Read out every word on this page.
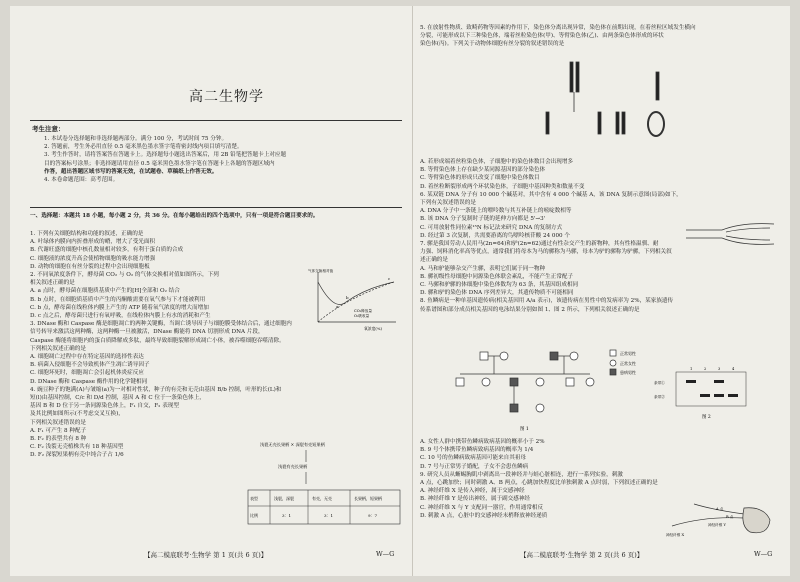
高二生物学
考生注意：
1. 本试卷分选择题和非选择题两部分。满分 100 分，考试时间 75 分钟。
2. 答题前，考生务必用直径 0.5 毫米黑色墨水签字笔将密封线内项目填写清楚。
3. 考生作答时，请将答案答在答题卡上。选择题每小题选出答案后，用 2B 铅笔把答题卡上对应题
目的答案标号涂黑；非选择题请用直径 0.5 毫米黑色墨水签字笔在答题卡上各题的答题区域内
作答，超出答题区域书写的答案无效，在试题卷、草稿纸上作答无效。
4. 本卷命题范围：高考范围。
一、选择题：本题共 18 小题，每小题 2 分，共 36 分。在每小题给出的四个选项中，只有一项是符合题目要求的。
1. 下列有关细胞结构和功能的叙述，正确的是
A. 叶绿体内膜向内折叠形成的嵴，增大了受光面积
B. 代谢旺盛的细胞中核孔数量相对较多，有利于蛋白质的合成
C. 细胞液的浓度升高会使植物细胞的吸水能力增强
D. 动物的细胞在有丝分裂的过程中会出现细胞板
2. 不同氧浓度条件下，酵母菌 CO₂ 与 O₂ 的气体交换相对值如图所示，下列
相关叙述正确的是
A. a 点时，酵母菌在细胞质基质中产生的[H]全部和 O₂ 结合
B. b 点时，在细胞质基质中产生的丙酮酸需要在氧气参与下才能被利用
C. b 点，酵母菌在线粒体内膜上产生的 ATP 随着氧气浓度的增大而增加
D. c 点之后，酵母菌只进行有氧呼吸，在线粒体内膜上有水的消耗和产生
3. DNase 酶和 Caspase 酶是细胞凋亡的两种关键酶，当调亡诱导因子与细胞膜受体结合后，通过细胞内
信号转导来激活这两种酶，这两种酶一旦被激活，DNase 酶能将 DNA 切割形成 DNA 片段，
Caspase 酶能将细胞内的蛋白质降解成多肽，最终导致细胞裂解形成凋亡小体，被吞噬细胞吞噬清除。
下列相关叙述正确的是
A. 细胞凋亡过程中存在特定基因的选择性表达
B. 病菌入侵细胞不会导致机体产生凋亡诱导因子
C. 细胞坏死时，细胞凋亡会引起机体炎症反应
D. DNase 酶和 Caspase 酶作用的化学键相同
4. 豌豆种子的饱满(A)与皱缩(a)为一对相对性状，种子的有壳和无壳由基因 B/b 控制，叶形的长(L)和
短(l)由基因控制，C/c 和 D/d 控制，基因 A 和 C 位于一条染色体上，
基因 B 和 D 位于另一条同源染色体上，F₁ 自交，F₂ 表现型
及其比例如图所示(不考虑交叉互换)，
下列相关叙述错误的是
A. F₁ 可产生 8 种配子
B. F₂ 的表型共有 8 种
C. F₂ 浅裂无壳植株共有 18 种基因型
D. F₂ 深裂短果柄有壳中纯合子占 1/6
a
b
c
CO₂释放量
O₂吸收量
氧浓度(%)
气体交换相对值
浅裂无壳长果柄 × 深裂有壳短果柄
浅裂有壳长果柄
表型	浅裂，深裂	有壳，无壳	长果柄，短果柄
比例	3：1	3：1	9：7
【高二模底联考·生物学 第 1 页(共 6 页)】	W—G
5. 在放射性物质、致畸药物等因素的作用下，染色体分离出现异常，染色体在前期出现，在着丝粒区域发生横向
分裂，可能形成以下三种染色体，端着丝粒染色体(甲)、等臂染色体(乙)、由两条染色体形成的环状
染色体(丙)。下列关于动物体细胞有丝分裂的叙述错误的是
A. 若形成端着丝粒染色体，子细胞中的染色体数目会出现增多
B. 等臂染色体上存在缺少某同源基因的部分染色体
C. 等臂染色体的形成只改变了细胞中染色体数目
D. 着丝粒断裂形成两个环状染色体，子细胞中基因种类和数量不变
6. 某双链 DNA 分子有 10 000 个碱基对，其中含有 4 000 个碱基 A，该 DNA 复制示意图(局部)如下，
下列有关叙述错误的是
A. DNA 分子中一条链上的嘌呤数与其互补链上的嘧啶数相等
B. 该 DNA 分子复制时子链的延伸方向都是 5'→3'
C. 可用放射性同位素¹⁵N 标记法来研究 DNA 的复制方式
D. 经过第 3 次复制，共需要游离的鸟嘌呤核苷酸 24 000 个
7. 骡是我国劳动人民用马(2n=64)和驴(2n=62)通过有性杂交产生的新物种，其有性格温驯、耐
力强、饲料消化率高等优点，通常我们将母本为马的骡称为马骡，母本为驴的骡称为驴骡，下列相关叙
述正确的是
A. 马和驴能够杂交产生骡，表明它们属于同一物种
B. 骡初级性母细胞中同源染色体联会紊乱，不能产生正常配子
C. 马骡和驴骡的体细胞中染色体数均为 63 条，其基因组成相同
D. 骡和驴的染色体 DNA 序列差异大，其遗传物质不可能相同
8. 鱼鳞病是一种单基因遗传病(相关基因用 A/a 表示)，该遗传病在男性中的发病率为 2%，某家族遗传
传系谱图和部分成员相关基因的电泳结果分别如图 1、图 2 所示，下列相关叙述正确的是
正常男性
正常女性
患病男性
图 1
1	2	3	4
条带①
条带②
图 2
A. 女性人群中携带鱼鳞病致病基因的概率小于 2%
B. 9 号个体携带鱼鳞病致病基因的概率为 1/4
C. 10 号的鱼鳞病致病基因可能来自其祖母
D. 7 号与正常男子婚配，子女不会患鱼鳞病
9. 研究人员从蜥蜴胸肌中剥离出一段神经并与蛙心脏相连，进行一系列实验，刺激
A 点，心跳加快；同时刺激 A、B 两点，心跳加快程度比单独刺激 A 点时弱，下列叙述正确的是
A. 神经纤维 X 是传入神经，属于交感神经
B. 神经纤维 Y 是传出神经，属于副交感神经
C. 神经纤维 X 与 Y 支配同一器官，作用通常相反
D. 刺激 A 点，心脏中的交感神经末梢释放神经递质
神经纤维 X
神经纤维 Y
A 点
B 点
【高二模底联考·生物学 第 2 页(共 6 页)】	W—G
